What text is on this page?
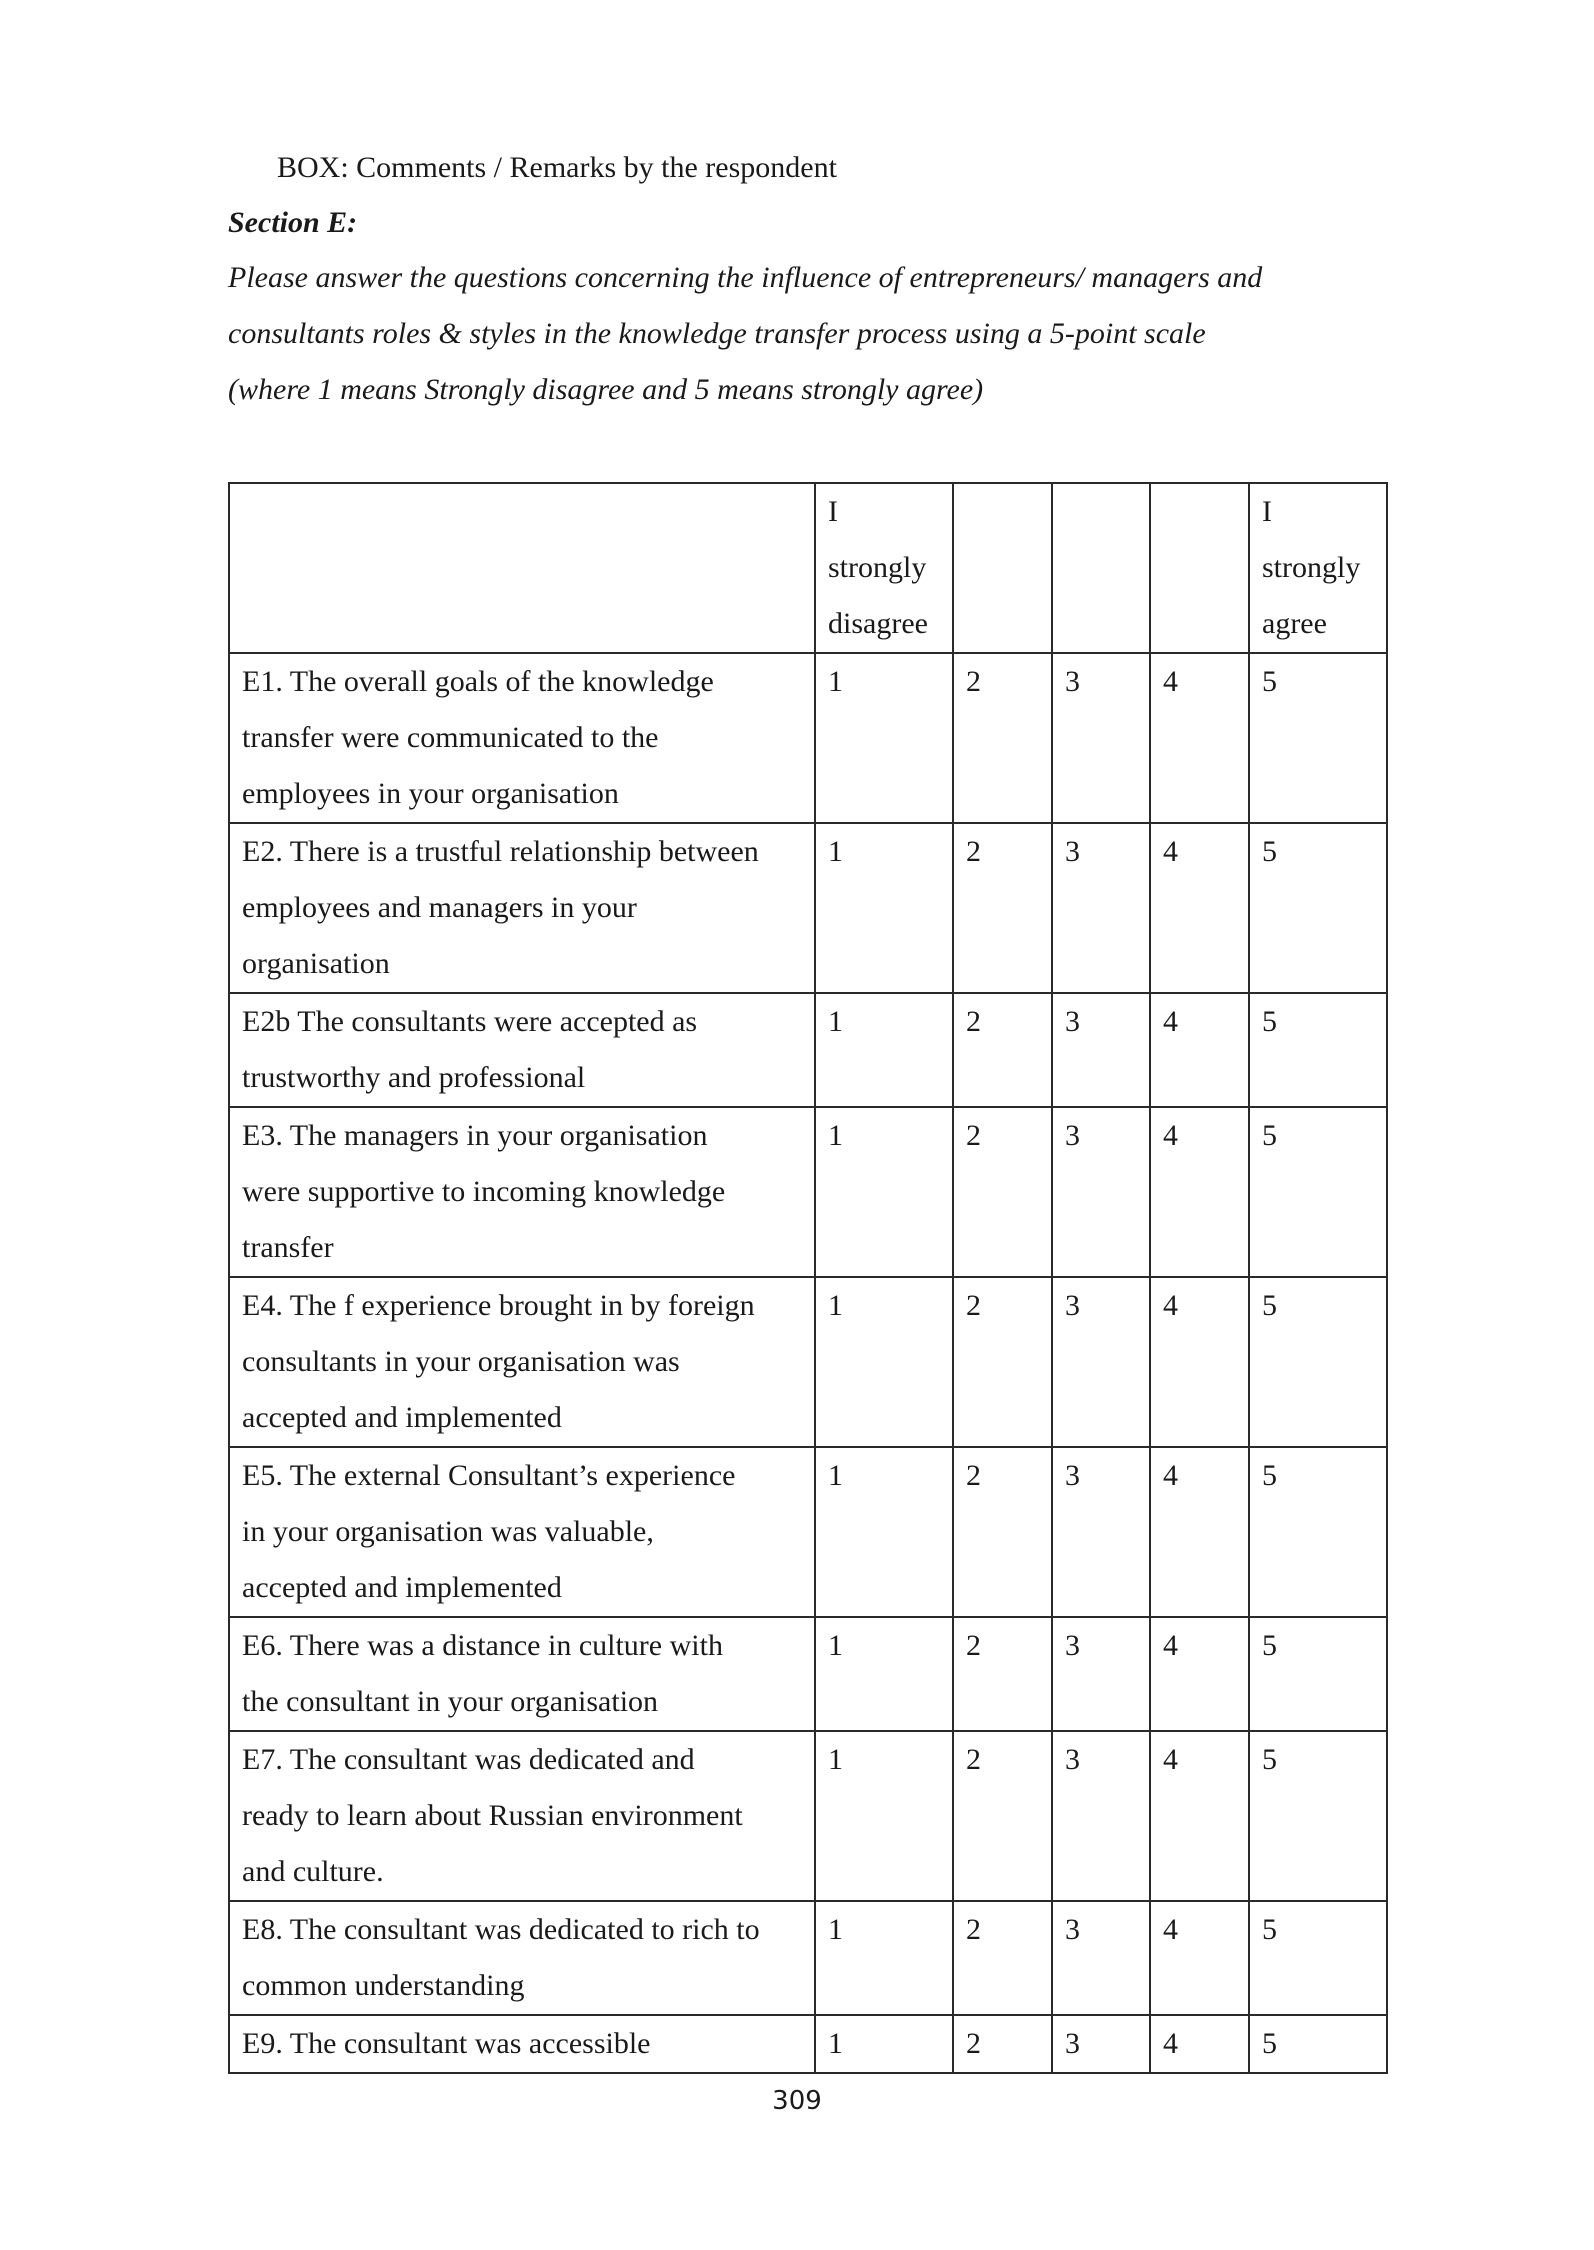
BOX: Comments / Remarks by the respondent
Section E:
Please answer the questions concerning the influence of entrepreneurs/ managers and
consultants roles & styles in the knowledge transfer process using a 5-point scale
(where 1 means Strongly disagree and 5 means strongly agree)

	I strongly disagree				I strongly agree

E1. The overall goals of the knowledge
transfer were communicated to the
employees in your organisation	1	2	3	4	5

E2. There is a trustful relationship between
employees and managers in your
organisation	1	2	3	4	5

E2b The consultants were accepted as
trustworthy and professional	1	2	3	4	5

E3. The managers in your organisation
were supportive to incoming knowledge
transfer	1	2	3	4	5

E4. The f experience brought in by foreign
consultants in your organisation was
accepted and implemented	1	2	3	4	5

E5. The external Consultant’s experience
in your organisation was valuable,
accepted and implemented	1	2	3	4	5

E6. There was a distance in culture with
the consultant in your organisation	1	2	3	4	5

E7. The consultant was dedicated and
ready to learn about Russian environment
and culture.	1	2	3	4	5

E8. The consultant was dedicated to rich to
common understanding	1	2	3	4	5

E9. The consultant was accessible	1	2	3	4	5
309
